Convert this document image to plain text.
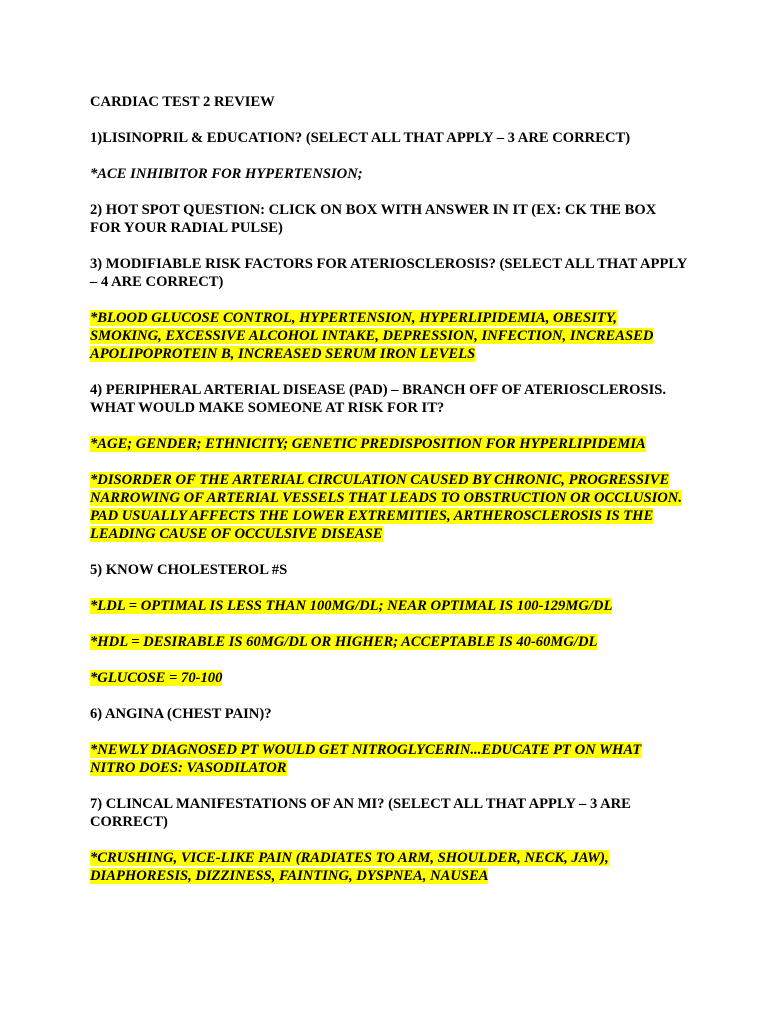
CARDIAC TEST 2 REVIEW

1)LISINOPRIL & EDUCATION? (SELECT ALL THAT APPLY – 3 ARE CORRECT)

*ACE INHIBITOR FOR HYPERTENSION;

2) HOT SPOT QUESTION: CLICK ON BOX WITH ANSWER IN IT (EX: CK THE BOX FOR YOUR RADIAL PULSE)

3) MODIFIABLE RISK FACTORS FOR ATERIOSCLEROSIS? (SELECT ALL THAT APPLY – 4 ARE CORRECT)

*BLOOD GLUCOSE CONTROL, HYPERTENSION, HYPERLIPIDEMIA, OBESITY, SMOKING, EXCESSIVE ALCOHOL INTAKE, DEPRESSION, INFECTION, INCREASED APOLIPOPROTEIN B, INCREASED SERUM IRON LEVELS

4) PERIPHERAL ARTERIAL DISEASE (PAD) – BRANCH OFF OF ATERIOSCLEROSIS. WHAT WOULD MAKE SOMEONE AT RISK FOR IT?

*AGE; GENDER; ETHNICITY; GENETIC PREDISPOSITION FOR HYPERLIPIDEMIA

*DISORDER OF THE ARTERIAL CIRCULATION CAUSED BY CHRONIC, PROGRESSIVE NARROWING OF ARTERIAL VESSELS THAT LEADS TO OBSTRUCTION OR OCCLUSION. PAD USUALLY AFFECTS THE LOWER EXTREMITIES, ARTHEROSCLEROSIS IS THE LEADING CAUSE OF OCCULSIVE DISEASE

5) KNOW CHOLESTEROL #S

*LDL = OPTIMAL IS LESS THAN 100MG/DL; NEAR OPTIMAL IS 100-129MG/DL

*HDL = DESIRABLE IS 60MG/DL OR HIGHER; ACCEPTABLE IS 40-60MG/DL

*GLUCOSE = 70-100

6) ANGINA (CHEST PAIN)?

*NEWLY DIAGNOSED PT WOULD GET NITROGLYCERIN...EDUCATE PT ON WHAT NITRO DOES: VASODILATOR

7) CLINCAL MANIFESTATIONS OF AN MI? (SELECT ALL THAT APPLY – 3 ARE CORRECT)

*CRUSHING, VICE-LIKE PAIN (RADIATES TO ARM, SHOULDER, NECK, JAW), DIAPHORESIS, DIZZINESS, FAINTING, DYSPNEA, NAUSEA
